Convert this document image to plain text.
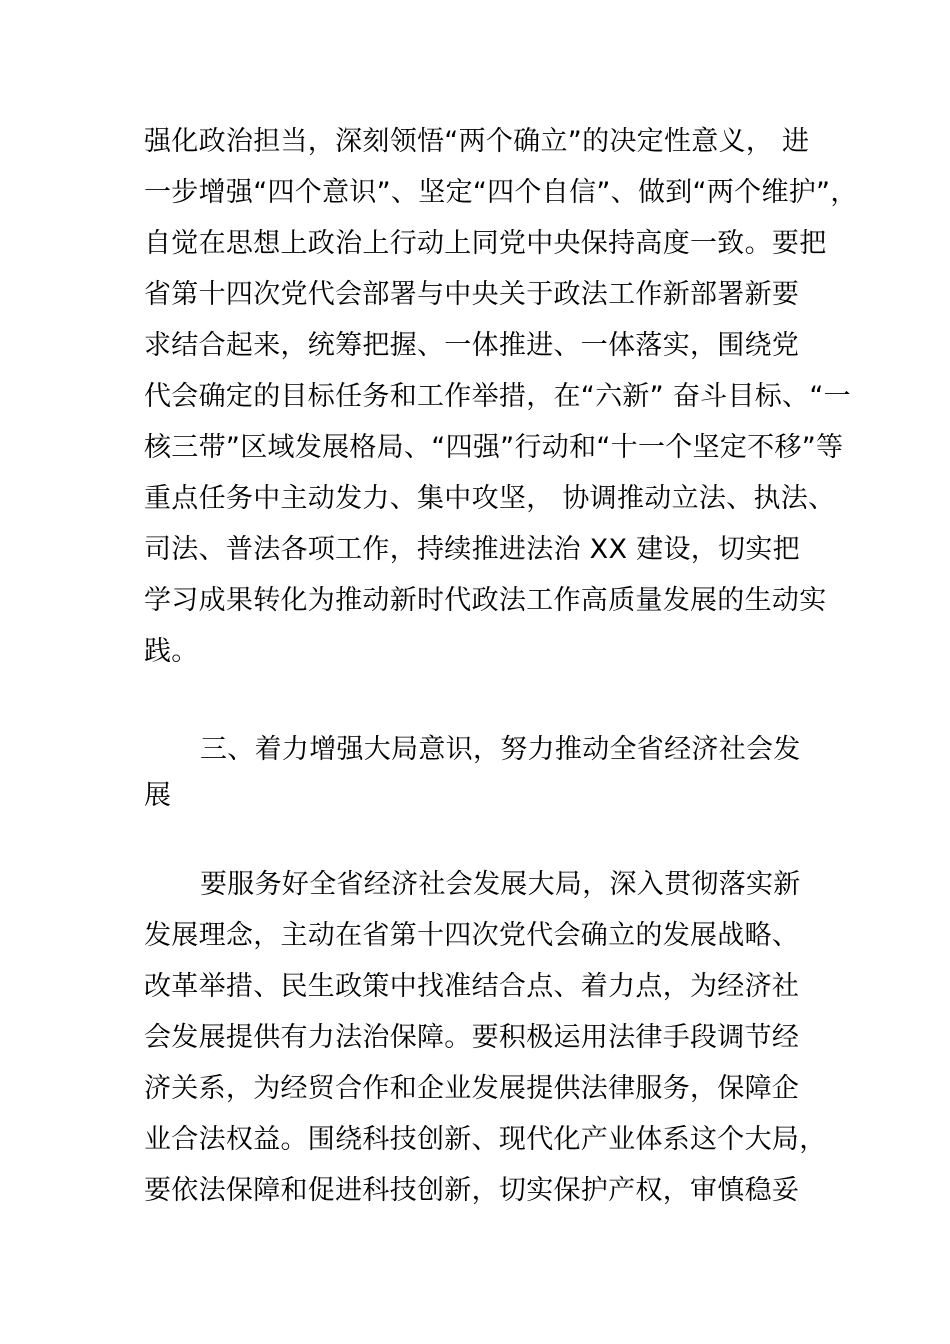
强化政治担当，深刻领悟“两个确立”的决定性意义， 进
一步增强“四个意识”、坚定“四个自信”、做到“两个维护”，
自觉在思想上政治上行动上同党中央保持高度一致。要把
省第十四次党代会部署与中央关于政法工作新部署新要
求结合起来，统筹把握、一体推进、一体落实，围绕党
代会确定的目标任务和工作举措，在“六新” 奋斗目标、“一
核三带”区域发展格局、“四强”行动和“十一个坚定不移”等
重点任务中主动发力、集中攻坚， 协调推动立法、执法、
司法、普法各项工作，持续推进法治 XX 建设，切实把
学习成果转化为推动新时代政法工作高质量发展的生动实
践。
三、着力增强大局意识，努力推动全省经济社会发
展
要服务好全省经济社会发展大局，深入贯彻落实新
发展理念，主动在省第十四次党代会确立的发展战略、
改革举措、民生政策中找准结合点、着力点，为经济社
会发展提供有力法治保障。要积极运用法律手段调节经
济关系，为经贸合作和企业发展提供法律服务，保障企
业合法权益。围绕科技创新、现代化产业体系这个大局，
要依法保障和促进科技创新，切实保护产权，审慎稳妥
